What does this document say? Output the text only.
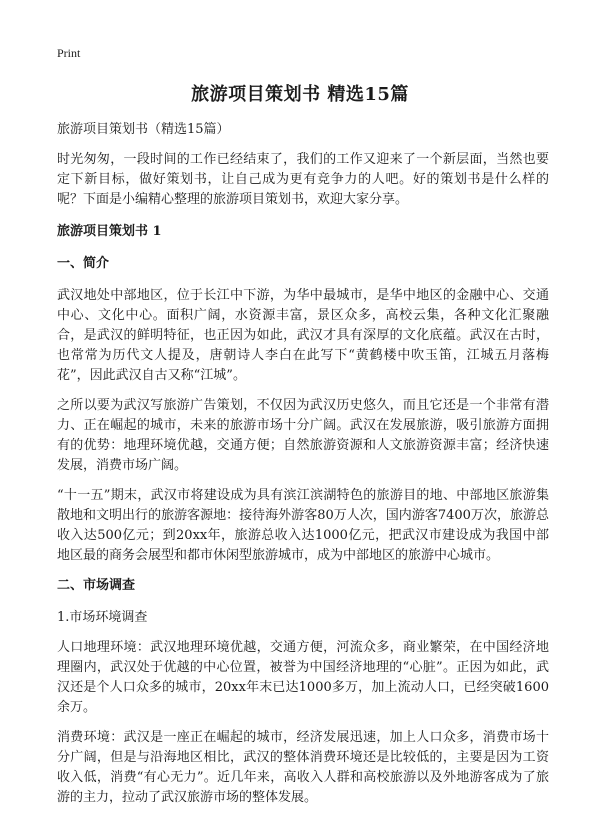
Print
旅游项目策划书 精选15篇

旅游项目策划书（精选15篇）

时光匆匆，一段时间的工作已经结束了，我们的工作又迎来了一个新层面，当然也要定下新目标，做好策划书，让自己成为更有竞争力的人吧。好的策划书是什么样的呢？下面是小编精心整理的旅游项目策划书，欢迎大家分享。

旅游项目策划书 1
一、简介

武汉地处中部地区，位于长江中下游，为华中最城市，是华中地区的金融中心、交通中心、文化中心。面积广阔，水资源丰富，景区众多，高校云集，各种文化汇聚融合，是武汉的鲜明特征，也正因为如此，武汉才具有深厚的文化底蕴。武汉在古时，也常常为历代文人提及，唐朝诗人李白在此写下“黄鹤楼中吹玉笛，江城五月落梅花”，因此武汉自古又称“江城”。

之所以要为武汉写旅游广告策划，不仅因为武汉历史悠久，而且它还是一个非常有潜力、正在崛起的城市，未来的旅游市场十分广阔。武汉在发展旅游，吸引旅游方面拥有的优势：地理环境优越，交通方便；自然旅游资源和人文旅游资源丰富；经济快速发展，消费市场广阔。

“十一五”期末，武汉市将建设成为具有滨江滨湖特色的旅游目的地、中部地区旅游集散地和文明出行的旅游客源地：接待海外游客80万人次，国内游客7400万次，旅游总收入达500亿元；到20xx年，旅游总收入达1000亿元，把武汉市建设成为我国中部地区最的商务会展型和都市休闲型旅游城市，成为中部地区的旅游中心城市。

二、市场调查

1.市场环境调查

人口地理环境：武汉地理环境优越，交通方便，河流众多，商业繁荣，在中国经济地理圈内，武汉处于优越的中心位置，被誉为中国经济地理的“心脏”。正因为如此，武汉还是个人口众多的城市，20xx年末已达1000多万，加上流动人口，已经突破1600余万。

消费环境：武汉是一座正在崛起的城市，经济发展迅速，加上人口众多，消费市场十分广阔，但是与沿海地区相比，武汉的整体消费环境还是比较低的，主要是因为工资收入低，消费“有心无力”。近几年来，高收入人群和高校旅游以及外地游客成为了旅游的主力，拉动了武汉旅游市场的整体发展。
